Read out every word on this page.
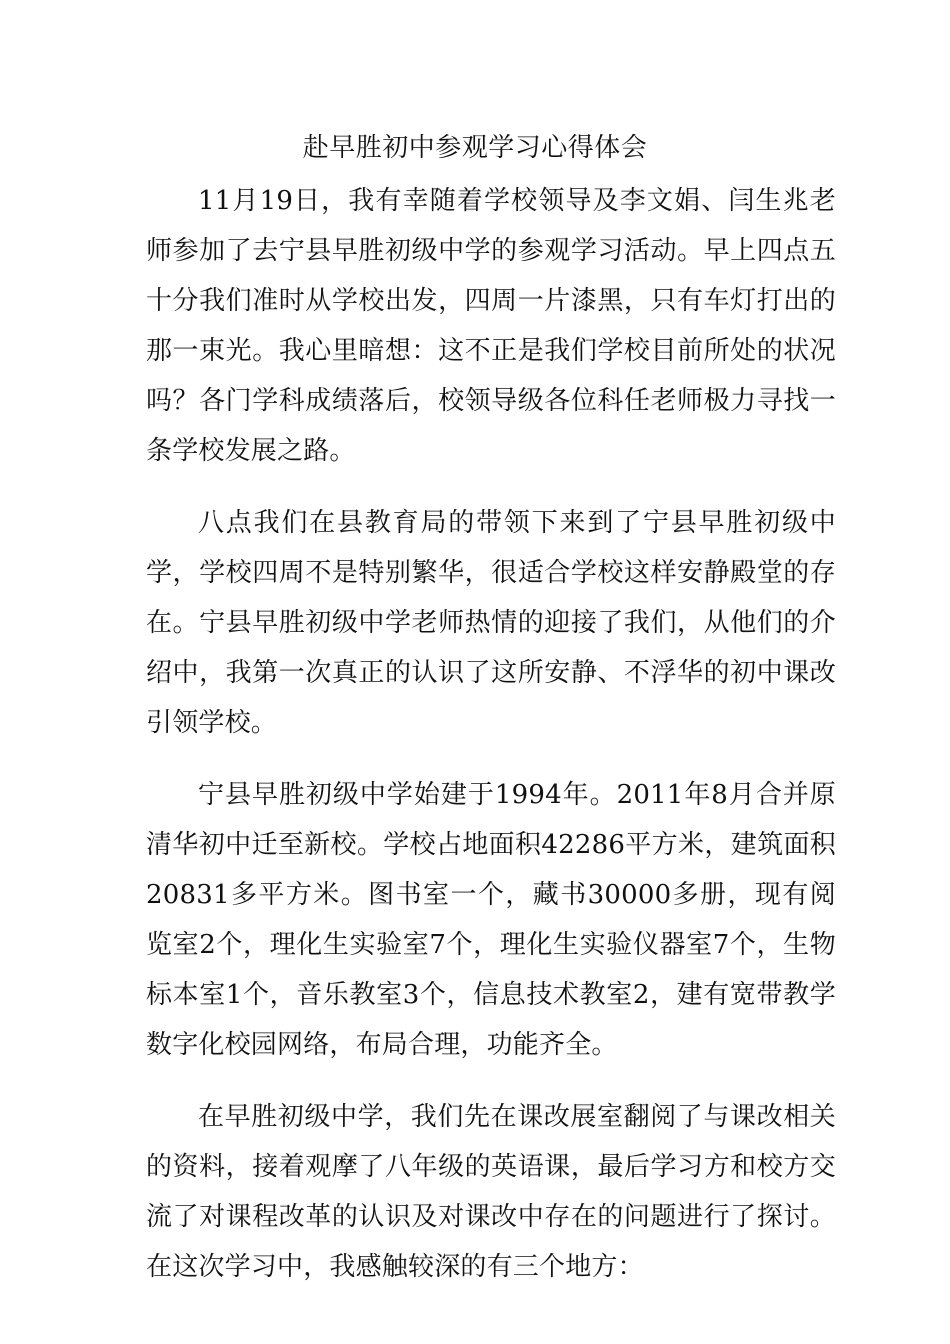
赴早胜初中参观学习心得体会

11月19日，我有幸随着学校领导及李文娟、闫生兆老师参加了去宁县早胜初级中学的参观学习活动。早上四点五十分我们准时从学校出发，四周一片漆黑，只有车灯打出的那一束光。我心里暗想：这不正是我们学校目前所处的状况吗？各门学科成绩落后，校领导级各位科任老师极力寻找一条学校发展之路。

八点我们在县教育局的带领下来到了宁县早胜初级中学，学校四周不是特别繁华，很适合学校这样安静殿堂的存在。宁县早胜初级中学老师热情的迎接了我们，从他们的介绍中，我第一次真正的认识了这所安静、不浮华的初中课改引领学校。

宁县早胜初级中学始建于1994年。2011年8月合并原清华初中迁至新校。学校占地面积42286平方米，建筑面积20831多平方米。图书室一个，藏书30000多册，现有阅览室2个，理化生实验室7个，理化生实验仪器室7个，生物标本室1个，音乐教室3个，信息技术教室2，建有宽带教学数字化校园网络，布局合理，功能齐全。

在早胜初级中学，我们先在课改展室翻阅了与课改相关的资料，接着观摩了八年级的英语课，最后学习方和校方交流了对课程改革的认识及对课改中存在的问题进行了探讨。在这次学习中，我感触较深的有三个地方：
